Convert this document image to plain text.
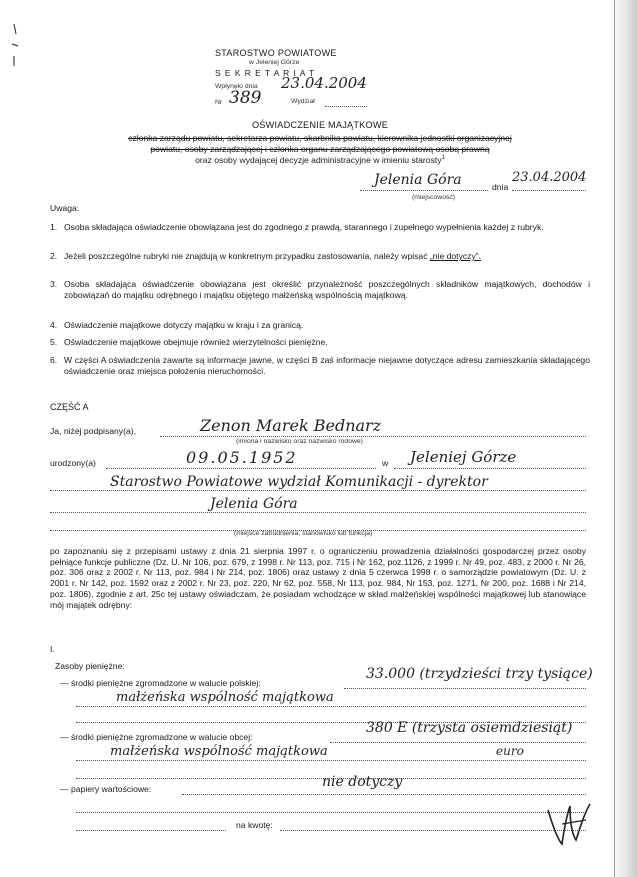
STAROSTWO POWIATOWE
w Jeleniej Górze
S E K R E T A R I A T
Wpłynęło dnia 23.04.2004
Nr 389	Wydział
OŚWIADCZENIE MAJĄTKOWE
członka zarządu powiatu, sekretarza powiatu, skarbnika powiatu, kierownika jednostki organizacyjnej
powiatu, osoby zarządzającej i członka organu zarządzającego powiatową osobą prawną
oraz osoby wydającej decyzje administracyjne w imieniu starosty$^1$
Jelenia Góra	dnia
23.04.2004
(miejscowość)
Uwaga:
1. Osoba składająca oświadczenie obowiązana jest do zgodnego z prawdą, starannego i zupełnego wypełnienia każdej z rubryk.
2. Jeżeli poszczególne rubryki nie znajdują w konkretnym przypadku zastosowania, należy wpisać „nie dotyczy”.
3. Osoba składająca oświadczenie obowiązana jest określić przynależność poszczególnych składników majątkowych, dochodów i zobowiązań do majątku odrębnego i majątku objętego małżeńską wspólnością majątkową.
4. Oświadczenie majątkowe dotyczy majątku w kraju i za granicą.
5. Oświadczenie majątkowe obejmuje również wierzytelności pieniężne.
6. W części A oświadczenia zawarte są informacje jawne, w części B zaś informacje niejawne dotyczące adresu zamieszkania składającego oświadczenie oraz miejsca położenia nieruchomości.
CZĘŚĆ A
Ja, niżej podpisany(a),	Zenon Marek Bednarz
(imiona i nazwisko oraz nazwisko rodowe)
urodzony(a)	09.05.1952	w Jeleniej Górze
Starostwo Powiatowe wydział Komunikacji - dyrektor
Jelenia Góra
(miejsce zatrudnienia, stanowisko lub funkcja)
po zapoznaniu się z przepisami ustawy z dnia 21 sierpnia 1997 r. o ograniczeniu prowadzenia działalności gospodarczej przez osoby pełniące funkcje publiczne (Dz. U. Nr 106, poz. 679, z 1998 r. Nr 113, poz. 715 i Nr 162, poz.1126, z 1999 r. Nr 49, poz. 483, z 2000 r. Nr 26, poz. 306 oraz z 2002 r. Nr 113, poz. 984 i Nr 214, poz. 1806) oraz ustawy z dnia 5 czerwca 1998 r. o samorządzie powiatowym (Dz. U. z 2001 r. Nr 142, poz. 1592 oraz z 2002 r. Nr 23, poz. 220, Nr 62, poz. 558, Nr 113, poz. 984, Nr 153, poz. 1271, Nr 200, poz. 1688 i Nr 214, poz. 1806), zgodnie z art. 25c tej ustawy oświadczam, że posiadam wchodzące w skład małżeńskiej wspólności majątkowej lub stanowiące mój majątek odrębny:
I.
Zasoby pieniężne:
— środki pieniężne zgromadzone w walucie polskiej:
33.000 (trzydzieści trzy tysiące)
małżeńska wspólność majątkowa
— środki pieniężne zgromadzone w walucie obcej:
380 E (trzysta osiemdziesiąt)
małżeńska wspólność majątkowa	euro
— papiery wartościowe:	nie dotyczy
na kwotę:
